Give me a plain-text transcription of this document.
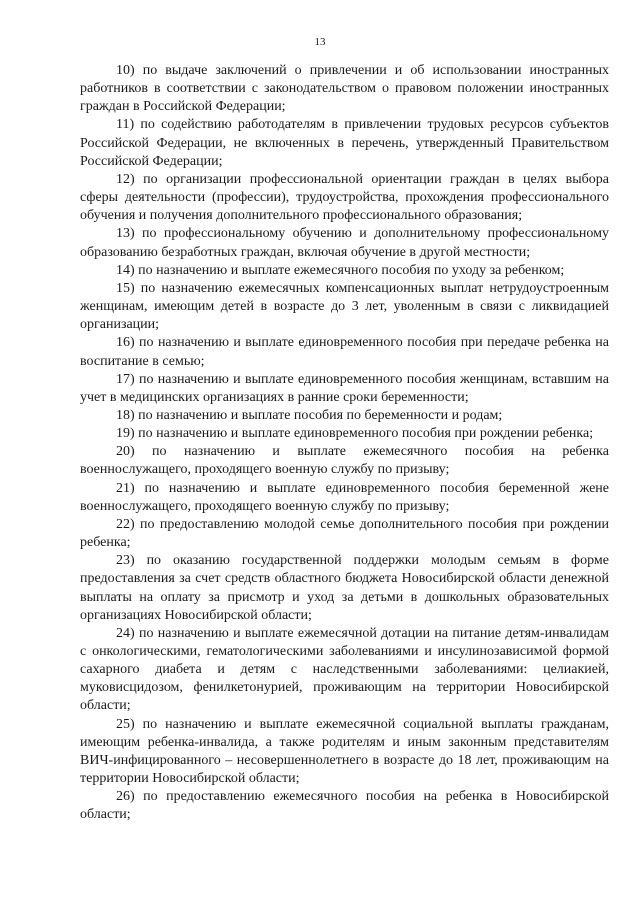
13

10) по выдаче заключений о привлечении и об использовании иностранных работников в соответствии с законодательством о правовом положении иностранных граждан в Российской Федерации;

11) по содействию работодателям в привлечении трудовых ресурсов субъектов Российской Федерации, не включенных в перечень, утвержденный Правительством Российской Федерации;

12) по организации профессиональной ориентации граждан в целях выбора сферы деятельности (профессии), трудоустройства, прохождения профессионального обучения и получения дополнительного профессионального образования;

13) по профессиональному обучению и дополнительному профессиональному образованию безработных граждан, включая обучение в другой местности;

14) по назначению и выплате ежемесячного пособия по уходу за ребенком;

15) по назначению ежемесячных компенсационных выплат нетрудоустроенным женщинам, имеющим детей в возрасте до 3 лет, уволенным в связи с ликвидацией организации;

16) по назначению и выплате единовременного пособия при передаче ребенка на воспитание в семью;

17) по назначению и выплате единовременного пособия женщинам, вставшим на учет в медицинских организациях в ранние сроки беременности;

18) по назначению и выплате пособия по беременности и родам;

19) по назначению и выплате единовременного пособия при рождении ребенка;

20) по назначению и выплате ежемесячного пособия на ребенка военнослужащего, проходящего военную службу по призыву;

21) по назначению и выплате единовременного пособия беременной жене военнослужащего, проходящего военную службу по призыву;

22) по предоставлению молодой семье дополнительного пособия при рождении ребенка;

23) по оказанию государственной поддержки молодым семьям в форме предоставления за счет средств областного бюджета Новосибирской области денежной выплаты на оплату за присмотр и уход за детьми в дошкольных образовательных организациях Новосибирской области;

24) по назначению и выплате ежемесячной дотации на питание детям-инвалидам с онкологическими, гематологическими заболеваниями и инсулинозависимой формой сахарного диабета и детям с наследственными заболеваниями: целиакией, муковисцидозом, фенилкетонурией, проживающим на территории Новосибирской области;

25) по назначению и выплате ежемесячной социальной выплаты гражданам, имеющим ребенка-инвалида, а также родителям и иным законным представителям ВИЧ-инфицированного – несовершеннолетнего в возрасте до 18 лет, проживающим на территории Новосибирской области;

26) по предоставлению ежемесячного пособия на ребенка в Новосибирской области;
